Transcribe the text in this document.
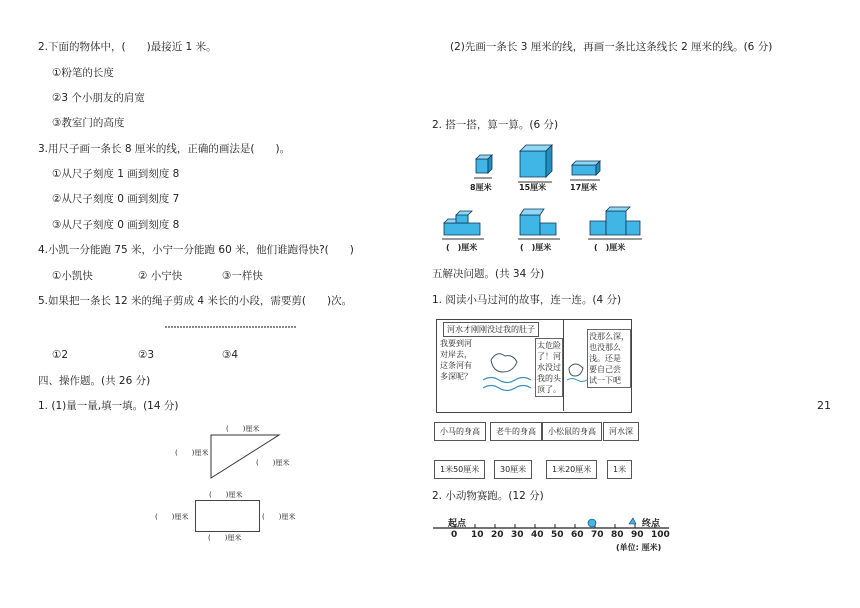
2.下面的物体中，(　　)最接近 1 米。
①粉笔的长度
②3 个小朋友的肩宽
③教室门的高度
3.用尺子画一条长 8 厘米的线，正确的画法是(　　)。
①从尺子刻度 1 画到刻度 8
②从尺子刻度 0 画到刻度 7
③从尺子刻度 0 画到刻度 8
4.小凯一分能跑 75 米，小宁一分能跑 60 米，他们谁跑得快?(　　)
①小凯快	② 小宁快	③一样快
5.如果把一条长 12 米的绳子剪成 4 米长的小段，需要剪(　　)次。
①2	②3	③4
四、操作题。(共 26 分)
1. (1)量一量,填一填。(14 分)
(　　)厘米
(　　)厘米
(　　)厘米
(　　)厘米
(　　)厘米	(　　)厘米
(　　)厘米
21
(2)先画一条长 3 厘米的线，再画一条比这条线长 2 厘米的线。(6 分)
2. 搭一搭，算一算。(6 分)
8厘米	15厘米	17厘米
(　)厘米	(　)厘米	(　)厘米
五解决问题。(共 34 分)
1. 阅读小马过河的故事，连一连。(4 分)
河水才刚刚没过我的肚子
我要到河
对岸去，
这条河有
多深呢？
太危险
了！河
水没过
我的头
顶了。
没那么深，
也没那么
浅。还是
要自己尝
试一下吧
小马的身高	老牛的身高	小松鼠的身高	河水深
1米50厘米	30厘米	1米20厘米	1米
2. 小动物赛跑。(12 分)
起点	终点
0 10 20 30 40 50 60 70 80 90 100
(单位: 厘米)
